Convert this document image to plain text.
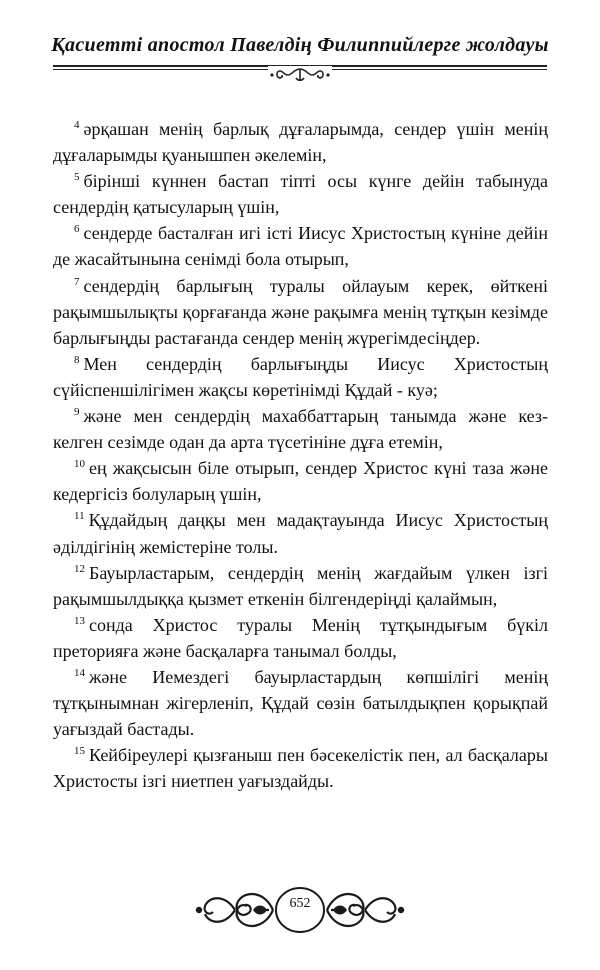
Қасиетті апостол Павелдің Филиппийлерге жолдауы

$^4$ әрқашан менің барлық дұғаларымда, сендер үшін менің дұғаларымды қуанышпен әкелемін,

$^5$ бірінші күннен бастап тіпті осы күнге дейін табынуда сендердің қатысуларың үшін,

$^6$ сендерде басталған игі істі Иисус Христостың күніне дейін де жасайтынына сенімді бола отырып,

$^7$ сендердің барлығың туралы ойлауым керек, өйткені рақымшылықты қорғағанда және рақымға менің тұтқын кезімде барлығыңды растағанда сендер менің жүрегімдесіңдер.

$^8$ Мен сендердің барлығыңды Иисус Христостың сүйіспеншілігімен жақсы көретінімді Құдай - куә;

$^9$ және мен сендердің махаббаттарың танымда және кез-келген сезімде одан да арта түсетініне дұға етемін,

$^{10}$ ең жақсысын біле отырып, сендер Христос күні таза және кедергісіз болуларың үшін,

$^{11}$ Құдайдың даңқы мен мадақтауында Иисус Христостың әділдігінің жемістеріне толы.

$^{12}$ Бауырластарым, сендердің менің жағдайым үлкен ізгі рақымшылдыққа қызмет еткенін білгендеріңді қалаймын,

$^{13}$ сонда Христос туралы Менің тұтқындығым бүкіл преторияға және басқаларға танымал болды,

$^{14}$ және Иемездегі бауырластардың көпшілігі менің тұтқынымнан жігерленіп, Құдай сөзін батылдықпен қорықпай уағыздай бастады.

$^{15}$ Кейбіреулері қызғаныш пен бәсекелістік пен, ал басқалары Христосты ізгі ниетпен уағыздайды.

652
